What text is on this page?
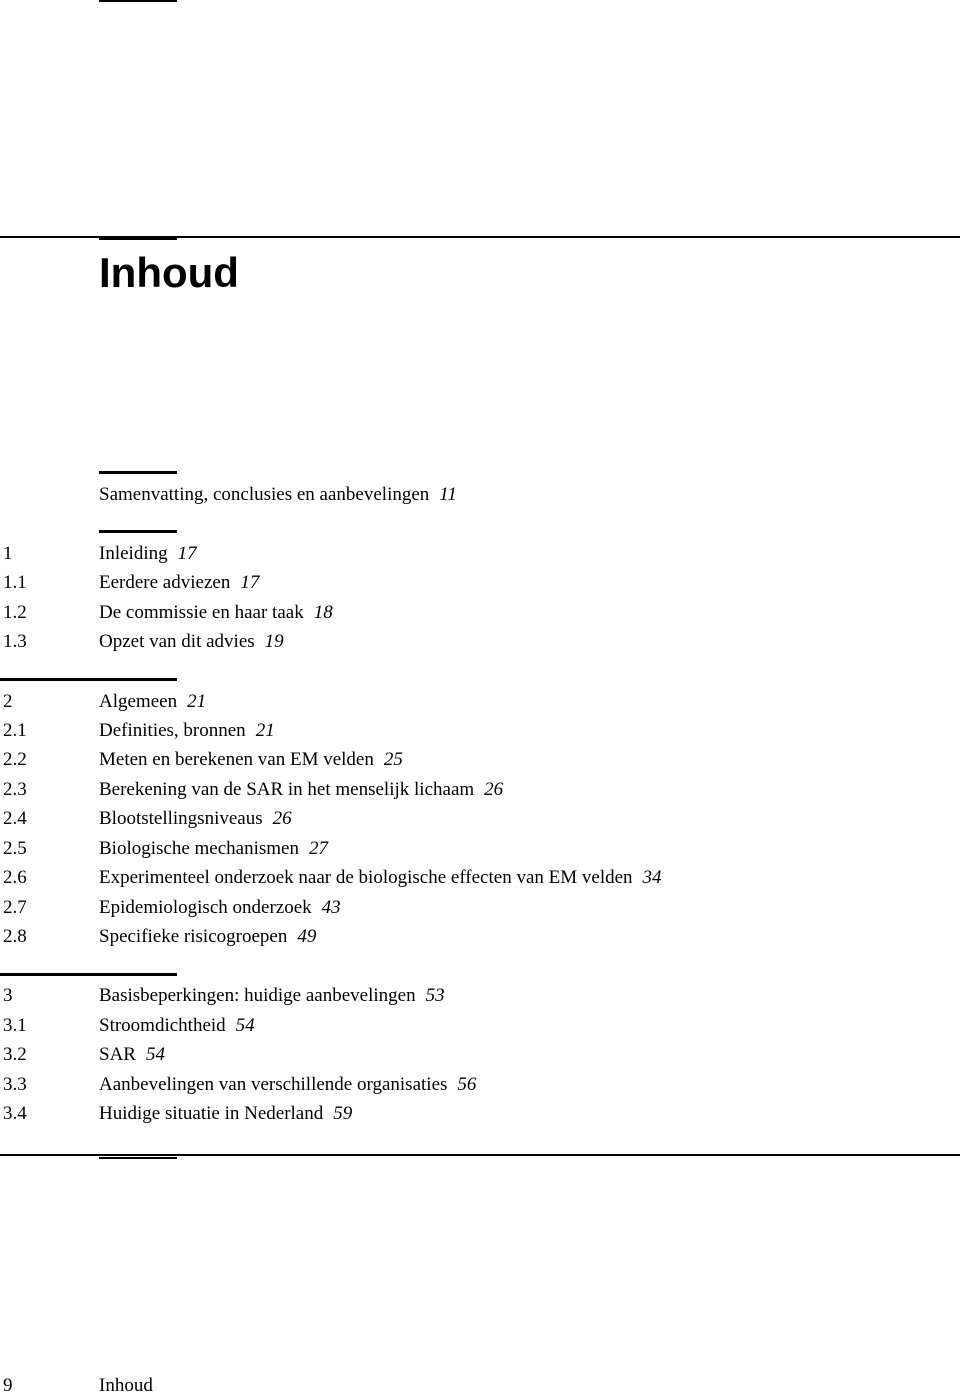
Inhoud
Samenvatting, conclusies en aanbevelingen 11
1	Inleiding 17
1.1	Eerdere adviezen 17
1.2	De commissie en haar taak 18
1.3	Opzet van dit advies 19
2	Algemeen 21
2.1	Definities, bronnen 21
2.2	Meten en berekenen van EM velden 25
2.3	Berekening van de SAR in het menselijk lichaam 26
2.4	Blootstellingsniveaus 26
2.5	Biologische mechanismen 27
2.6	Experimenteel onderzoek naar de biologische effecten van EM velden 34
2.7	Epidemiologisch onderzoek 43
2.8	Specifieke risicogroepen 49
3	Basisbeperkingen: huidige aanbevelingen 53
3.1	Stroomdichtheid 54
3.2	SAR 54
3.3	Aanbevelingen van verschillende organisaties 56
3.4	Huidige situatie in Nederland 59
9	Inhoud
